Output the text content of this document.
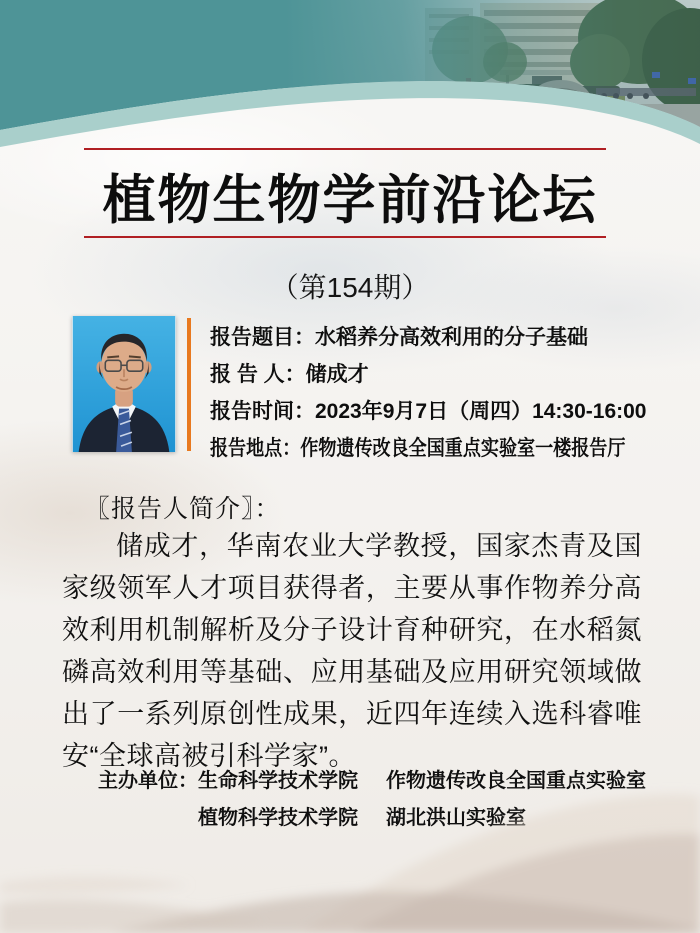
植物生物学前沿论坛
（第154期）
报告题目：水稻养分高效利用的分子基础
报 告 人：储成才
报告时间：2023年9月7日（周四）14:30-16:00
报告地点：作物遗传改良全国重点实验室一楼报告厅
〖报告人简介〗：
储成才，华南农业大学教授，国家杰青及国家级领军人才项目获得者，主要从事作物养分高效利用机制解析及分子设计育种研究，在水稻氮磷高效利用等基础、应用基础及应用研究领域做出了一系列原创性成果，近四年连续入选科睿唯安“全球高被引科学家”。
主办单位： 生命科学技术学院 作物遗传改良全国重点实验室
植物科学技术学院 湖北洪山实验室
